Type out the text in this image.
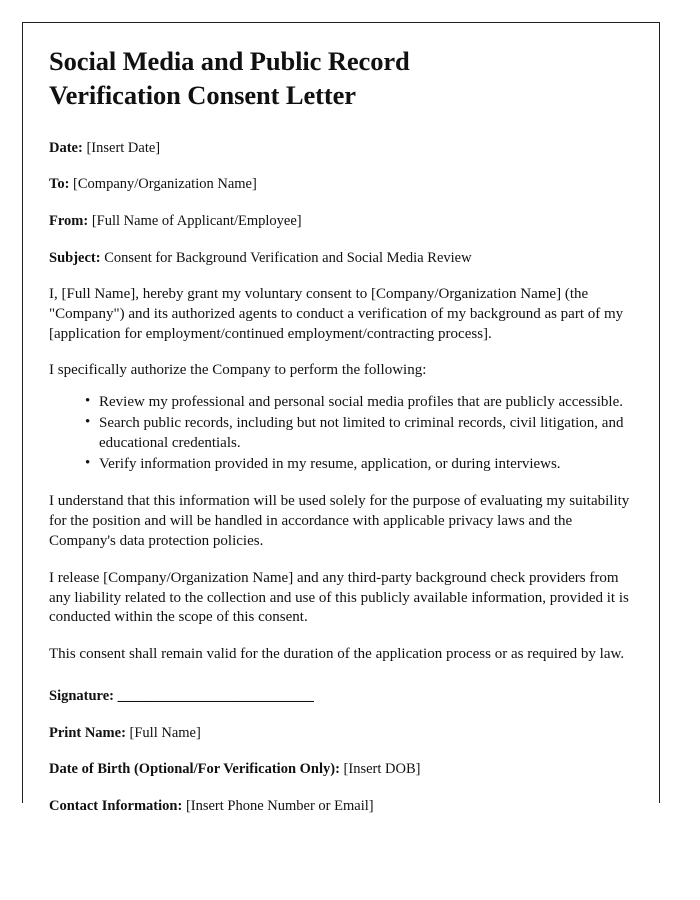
Social Media and Public Record Verification Consent Letter

Date: [Insert Date]

To: [Company/Organization Name]

From: [Full Name of Applicant/Employee]

Subject: Consent for Background Verification and Social Media Review

I, [Full Name], hereby grant my voluntary consent to [Company/Organization Name] (the "Company") and its authorized agents to conduct a verification of my background as part of my [application for employment/continued employment/contracting process].

I specifically authorize the Company to perform the following:

• Review my professional and personal social media profiles that are publicly accessible.
• Search public records, including but not limited to criminal records, civil litigation, and educational credentials.
• Verify information provided in my resume, application, or during interviews.

I understand that this information will be used solely for the purpose of evaluating my suitability for the position and will be handled in accordance with applicable privacy laws and the Company's data protection policies.

I release [Company/Organization Name] and any third-party background check providers from any liability related to the collection and use of this publicly available information, provided it is conducted within the scope of this consent.

This consent shall remain valid for the duration of the application process or as required by law.

Signature: _____________________________

Print Name: [Full Name]

Date of Birth (Optional/For Verification Only): [Insert DOB]

Contact Information: [Insert Phone Number or Email]
